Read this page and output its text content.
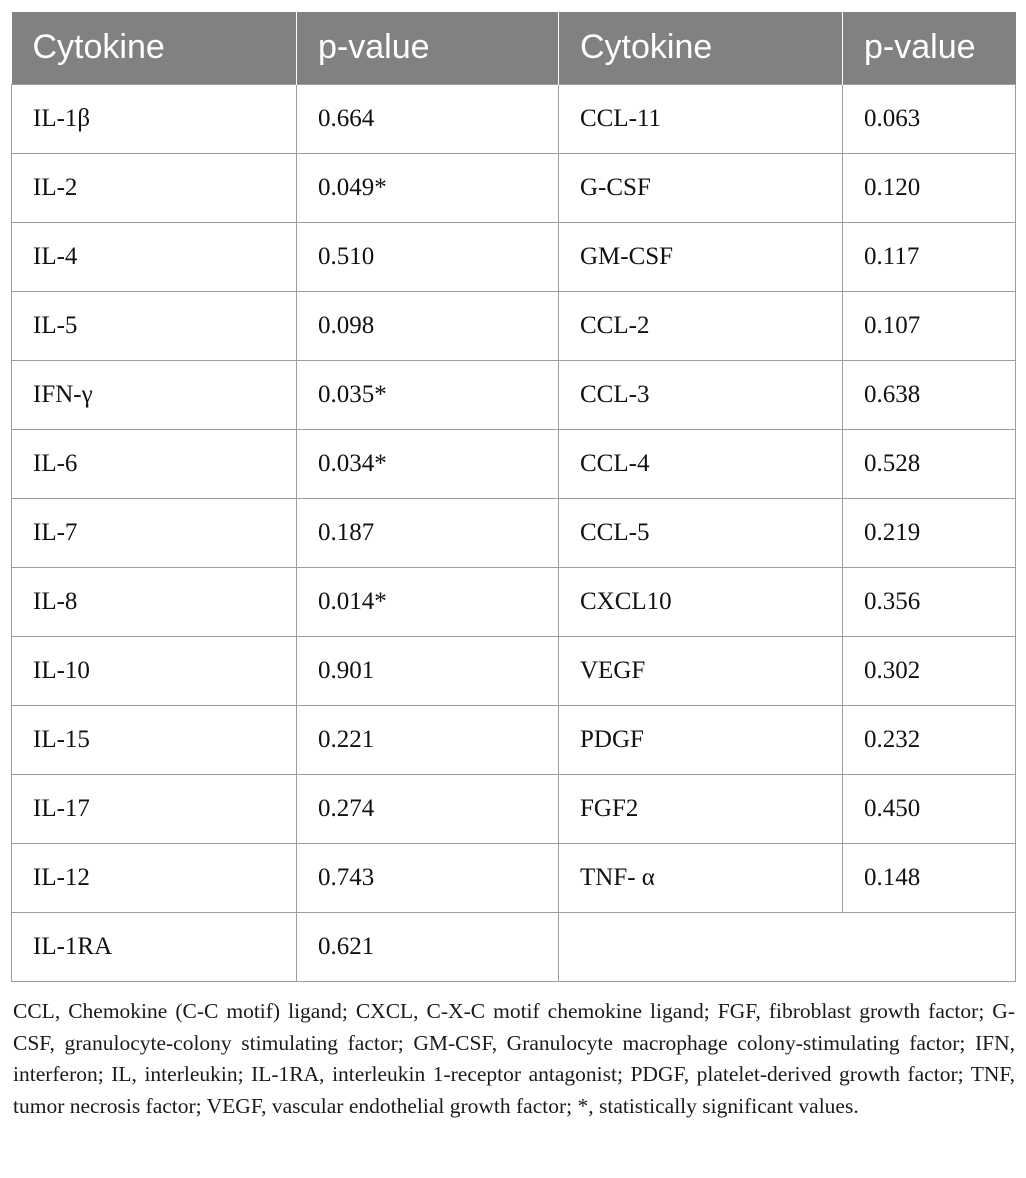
Cytokine	p-value	Cytokine	p-value
IL-1β	0.664	CCL-11	0.063
IL-2	0.049*	G-CSF	0.120
IL-4	0.510	GM-CSF	0.117
IL-5	0.098	CCL-2	0.107
IFN-γ	0.035*	CCL-3	0.638
IL-6	0.034*	CCL-4	0.528
IL-7	0.187	CCL-5	0.219
IL-8	0.014*	CXCL10	0.356
IL-10	0.901	VEGF	0.302
IL-15	0.221	PDGF	0.232
IL-17	0.274	FGF2	0.450
IL-12	0.743	TNF- α	0.148
IL-1RA	0.621		

CCL, Chemokine (C-C motif) ligand; CXCL, C-X-C motif chemokine ligand; FGF, fibroblast growth factor; G-CSF, granulocyte-colony stimulating factor; GM-CSF, Granulocyte macrophage colony-stimulating factor; IFN, interferon; IL, interleukin; IL-1RA, interleukin 1-receptor antagonist; PDGF, platelet-derived growth factor; TNF, tumor necrosis factor; VEGF, vascular endothelial growth factor; *, statistically significant values.
